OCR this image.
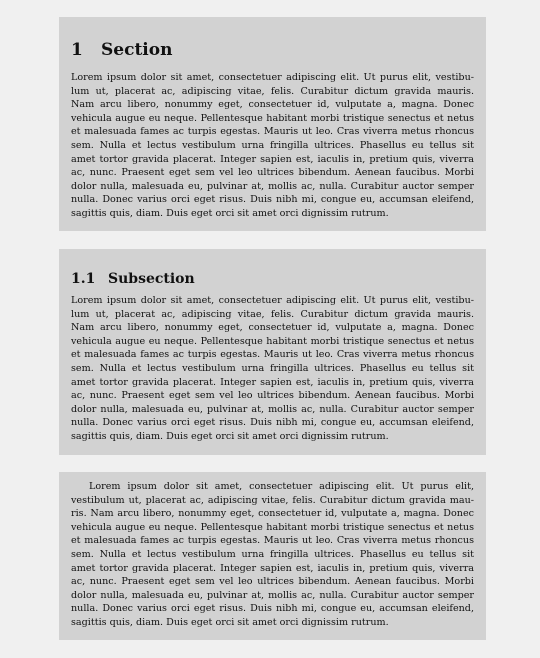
1 Section
Lorem ipsum dolor sit amet, consectetuer adipiscing elit. Ut purus elit, vestibu-
lum ut, placerat ac, adipiscing vitae, felis. Curabitur dictum gravida mauris.
Nam arcu libero, nonummy eget, consectetuer id, vulputate a, magna. Donec
vehicula augue eu neque. Pellentesque habitant morbi tristique senectus et netus
et malesuada fames ac turpis egestas. Mauris ut leo. Cras viverra metus rhoncus
sem. Nulla et lectus vestibulum urna fringilla ultrices. Phasellus eu tellus sit
amet tortor gravida placerat. Integer sapien est, iaculis in, pretium quis, viverra
ac, nunc. Praesent eget sem vel leo ultrices bibendum. Aenean faucibus. Morbi
dolor nulla, malesuada eu, pulvinar at, mollis ac, nulla. Curabitur auctor semper
nulla. Donec varius orci eget risus. Duis nibh mi, congue eu, accumsan eleifend,
sagittis quis, diam. Duis eget orci sit amet orci dignissim rutrum.
1.1 Subsection
Lorem ipsum dolor sit amet, consectetuer adipiscing elit. Ut purus elit, vestibu-
lum ut, placerat ac, adipiscing vitae, felis. Curabitur dictum gravida mauris.
Nam arcu libero, nonummy eget, consectetuer id, vulputate a, magna. Donec
vehicula augue eu neque. Pellentesque habitant morbi tristique senectus et netus
et malesuada fames ac turpis egestas. Mauris ut leo. Cras viverra metus rhoncus
sem. Nulla et lectus vestibulum urna fringilla ultrices. Phasellus eu tellus sit
amet tortor gravida placerat. Integer sapien est, iaculis in, pretium quis, viverra
ac, nunc. Praesent eget sem vel leo ultrices bibendum. Aenean faucibus. Morbi
dolor nulla, malesuada eu, pulvinar at, mollis ac, nulla. Curabitur auctor semper
nulla. Donec varius orci eget risus. Duis nibh mi, congue eu, accumsan eleifend,
sagittis quis, diam. Duis eget orci sit amet orci dignissim rutrum.
Lorem ipsum dolor sit amet, consectetuer adipiscing elit. Ut purus elit,
vestibulum ut, placerat ac, adipiscing vitae, felis. Curabitur dictum gravida mau-
ris. Nam arcu libero, nonummy eget, consectetuer id, vulputate a, magna. Donec
vehicula augue eu neque. Pellentesque habitant morbi tristique senectus et netus
et malesuada fames ac turpis egestas. Mauris ut leo. Cras viverra metus rhoncus
sem. Nulla et lectus vestibulum urna fringilla ultrices. Phasellus eu tellus sit
amet tortor gravida placerat. Integer sapien est, iaculis in, pretium quis, viverra
ac, nunc. Praesent eget sem vel leo ultrices bibendum. Aenean faucibus. Morbi
dolor nulla, malesuada eu, pulvinar at, mollis ac, nulla. Curabitur auctor semper
nulla. Donec varius orci eget risus. Duis nibh mi, congue eu, accumsan eleifend,
sagittis quis, diam. Duis eget orci sit amet orci dignissim rutrum.
